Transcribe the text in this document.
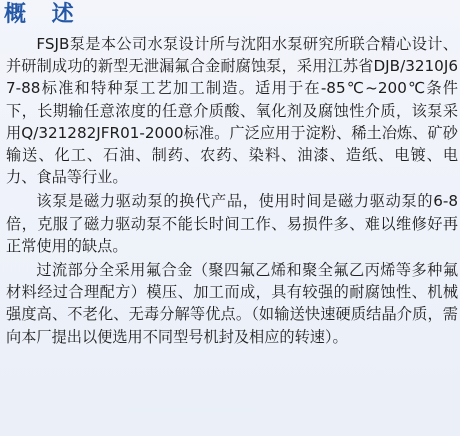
概 述

FSJB泵是本公司水泵设计所与沈阳水泵研究所联合精心设计、并研制成功的新型无泄漏氟合金耐腐蚀泵，采用江苏省DJB/3210J67-88标准和特种泵工艺加工制造。适用于在-85℃~200℃条件下，长期输任意浓度的任意介质酸、氧化剂及腐蚀性介质，该泵采用Q/321282JFR01-2000标准。广泛应用于淀粉、稀土冶炼、矿砂输送、化工、石油、制药、农药、染料、油漆、造纸、电镀、电力、食品等行业。

该泵是磁力驱动泵的换代产品，使用时间是磁力驱动泵的6-8倍，克服了磁力驱动泵不能长时间工作、易损件多、难以维修好再正常使用的缺点。

过流部分全采用氟合金（聚四氟乙烯和聚全氟乙丙烯等多种氟材料经过合理配方）模压、加工而成，具有较强的耐腐蚀性、机械强度高、不老化、无毒分解等优点。（如输送快速硬质结晶介质，需向本厂提出以便选用不同型号机封及相应的转速）。
